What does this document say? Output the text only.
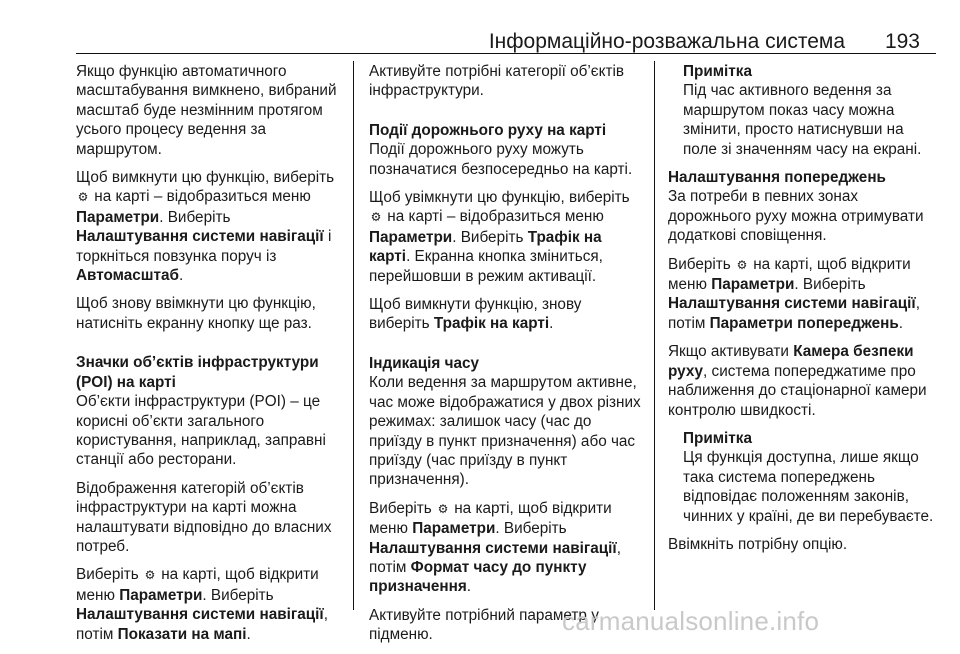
Інформаційно-розважальна система 193

Якщо функцію автоматичного масштабування вимкнено, вибраний масштаб буде незмінним протягом усього процесу ведення за маршрутом.

Щоб вимкнути цю функцію, виберіть ⚙ на карті – відобразиться меню Параметри. Виберіть Налаштування системи навігації і торкніться повзунка поруч із Автомасштаб.

Щоб знову ввімкнути цю функцію, натисніть екранну кнопку ще раз.

Значки об’єктів інфраструктури (POI) на карті

Об’єкти інфраструктури (POI) – це корисні об’єкти загального користування, наприклад, заправні станції або ресторани.

Відображення категорій об’єктів інфраструктури на карті можна налаштувати відповідно до власних потреб.

Виберіть ⚙ на карті, щоб відкрити меню Параметри. Виберіть Налаштування системи навігації, потім Показати на мапі.

Активуйте потрібні категорії об’єктів інфраструктури.

Події дорожнього руху на карті

Події дорожнього руху можуть позначатися безпосередньо на карті.

Щоб увімкнути цю функцію, виберіть ⚙ на карті – відобразиться меню Параметри. Виберіть Трафік на карті. Екранна кнопка зміниться, перейшовши в режим активації.

Щоб вимкнути функцію, знову виберіть Трафік на карті.

Індикація часу

Коли ведення за маршрутом активне, час може відображатися у двох різних режимах: залишок часу (час до приїзду в пункт призначення) або час приїзду (час приїзду в пункт призначення).

Виберіть ⚙ на карті, щоб відкрити меню Параметри. Виберіть Налаштування системи навігації, потім Формат часу до пункту призначення.

Активуйте потрібний параметр у підменю.

Примітка

Під час активного ведення за маршрутом показ часу можна змінити, просто натиснувши на поле зі значенням часу на екрані.

Налаштування попереджень

За потреби в певних зонах дорожнього руху можна отримувати додаткові сповіщення.

Виберіть ⚙ на карті, щоб відкрити меню Параметри. Виберіть Налаштування системи навігації, потім Параметри попереджень.

Якщо активувати Камера безпеки руху, система попереджатиме про наближення до стаціонарної камери контролю швидкості.

Примітка

Ця функція доступна, лише якщо така система попереджень відповідає положенням законів, чинних у країні, де ви перебуваєте.

Ввімкніть потрібну опцію.

carmanualsonline.info
